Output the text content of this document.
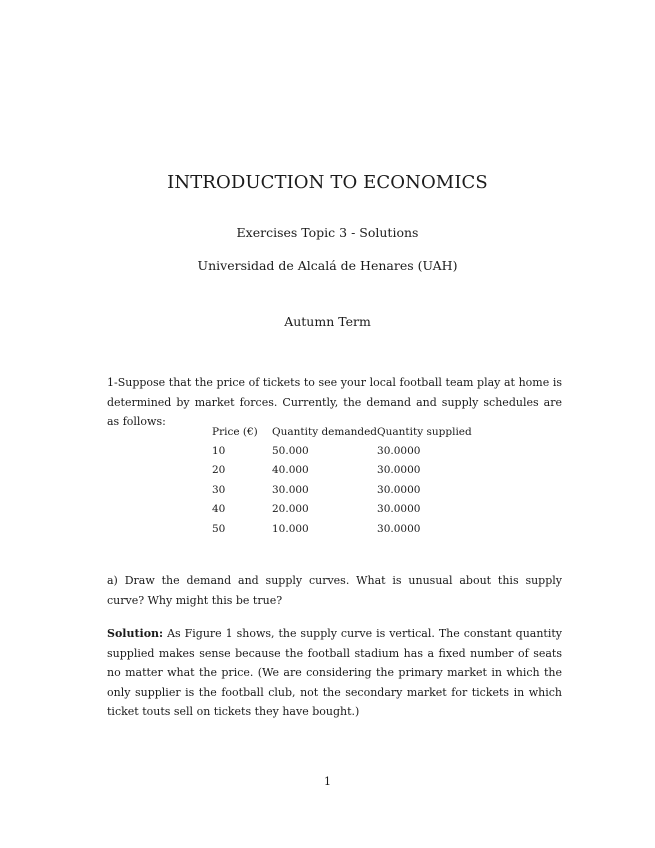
INTRODUCTION TO ECONOMICS
Exercises Topic 3 - Solutions
Universidad de Alcalá de Henares (UAH)
Autumn Term
1-Suppose that the price of tickets to see your local football team play at home is determined by market forces. Currently, the demand and supply schedules are as follows:
Price (€)	Quantity demanded	Quantity supplied
10	50.000	30.0000
20	40.000	30.0000
30	30.000	30.0000
40	20.000	30.0000
50	10.000	30.0000
a) Draw the demand and supply curves. What is unusual about this supply curve? Why might this be true?
Solution: As Figure 1 shows, the supply curve is vertical. The constant quantity supplied makes sense because the football stadium has a fixed number of seats no matter what the price. (We are considering the primary market in which the only supplier is the football club, not the secondary market for tickets in which ticket touts sell on tickets they have bought.)
1
